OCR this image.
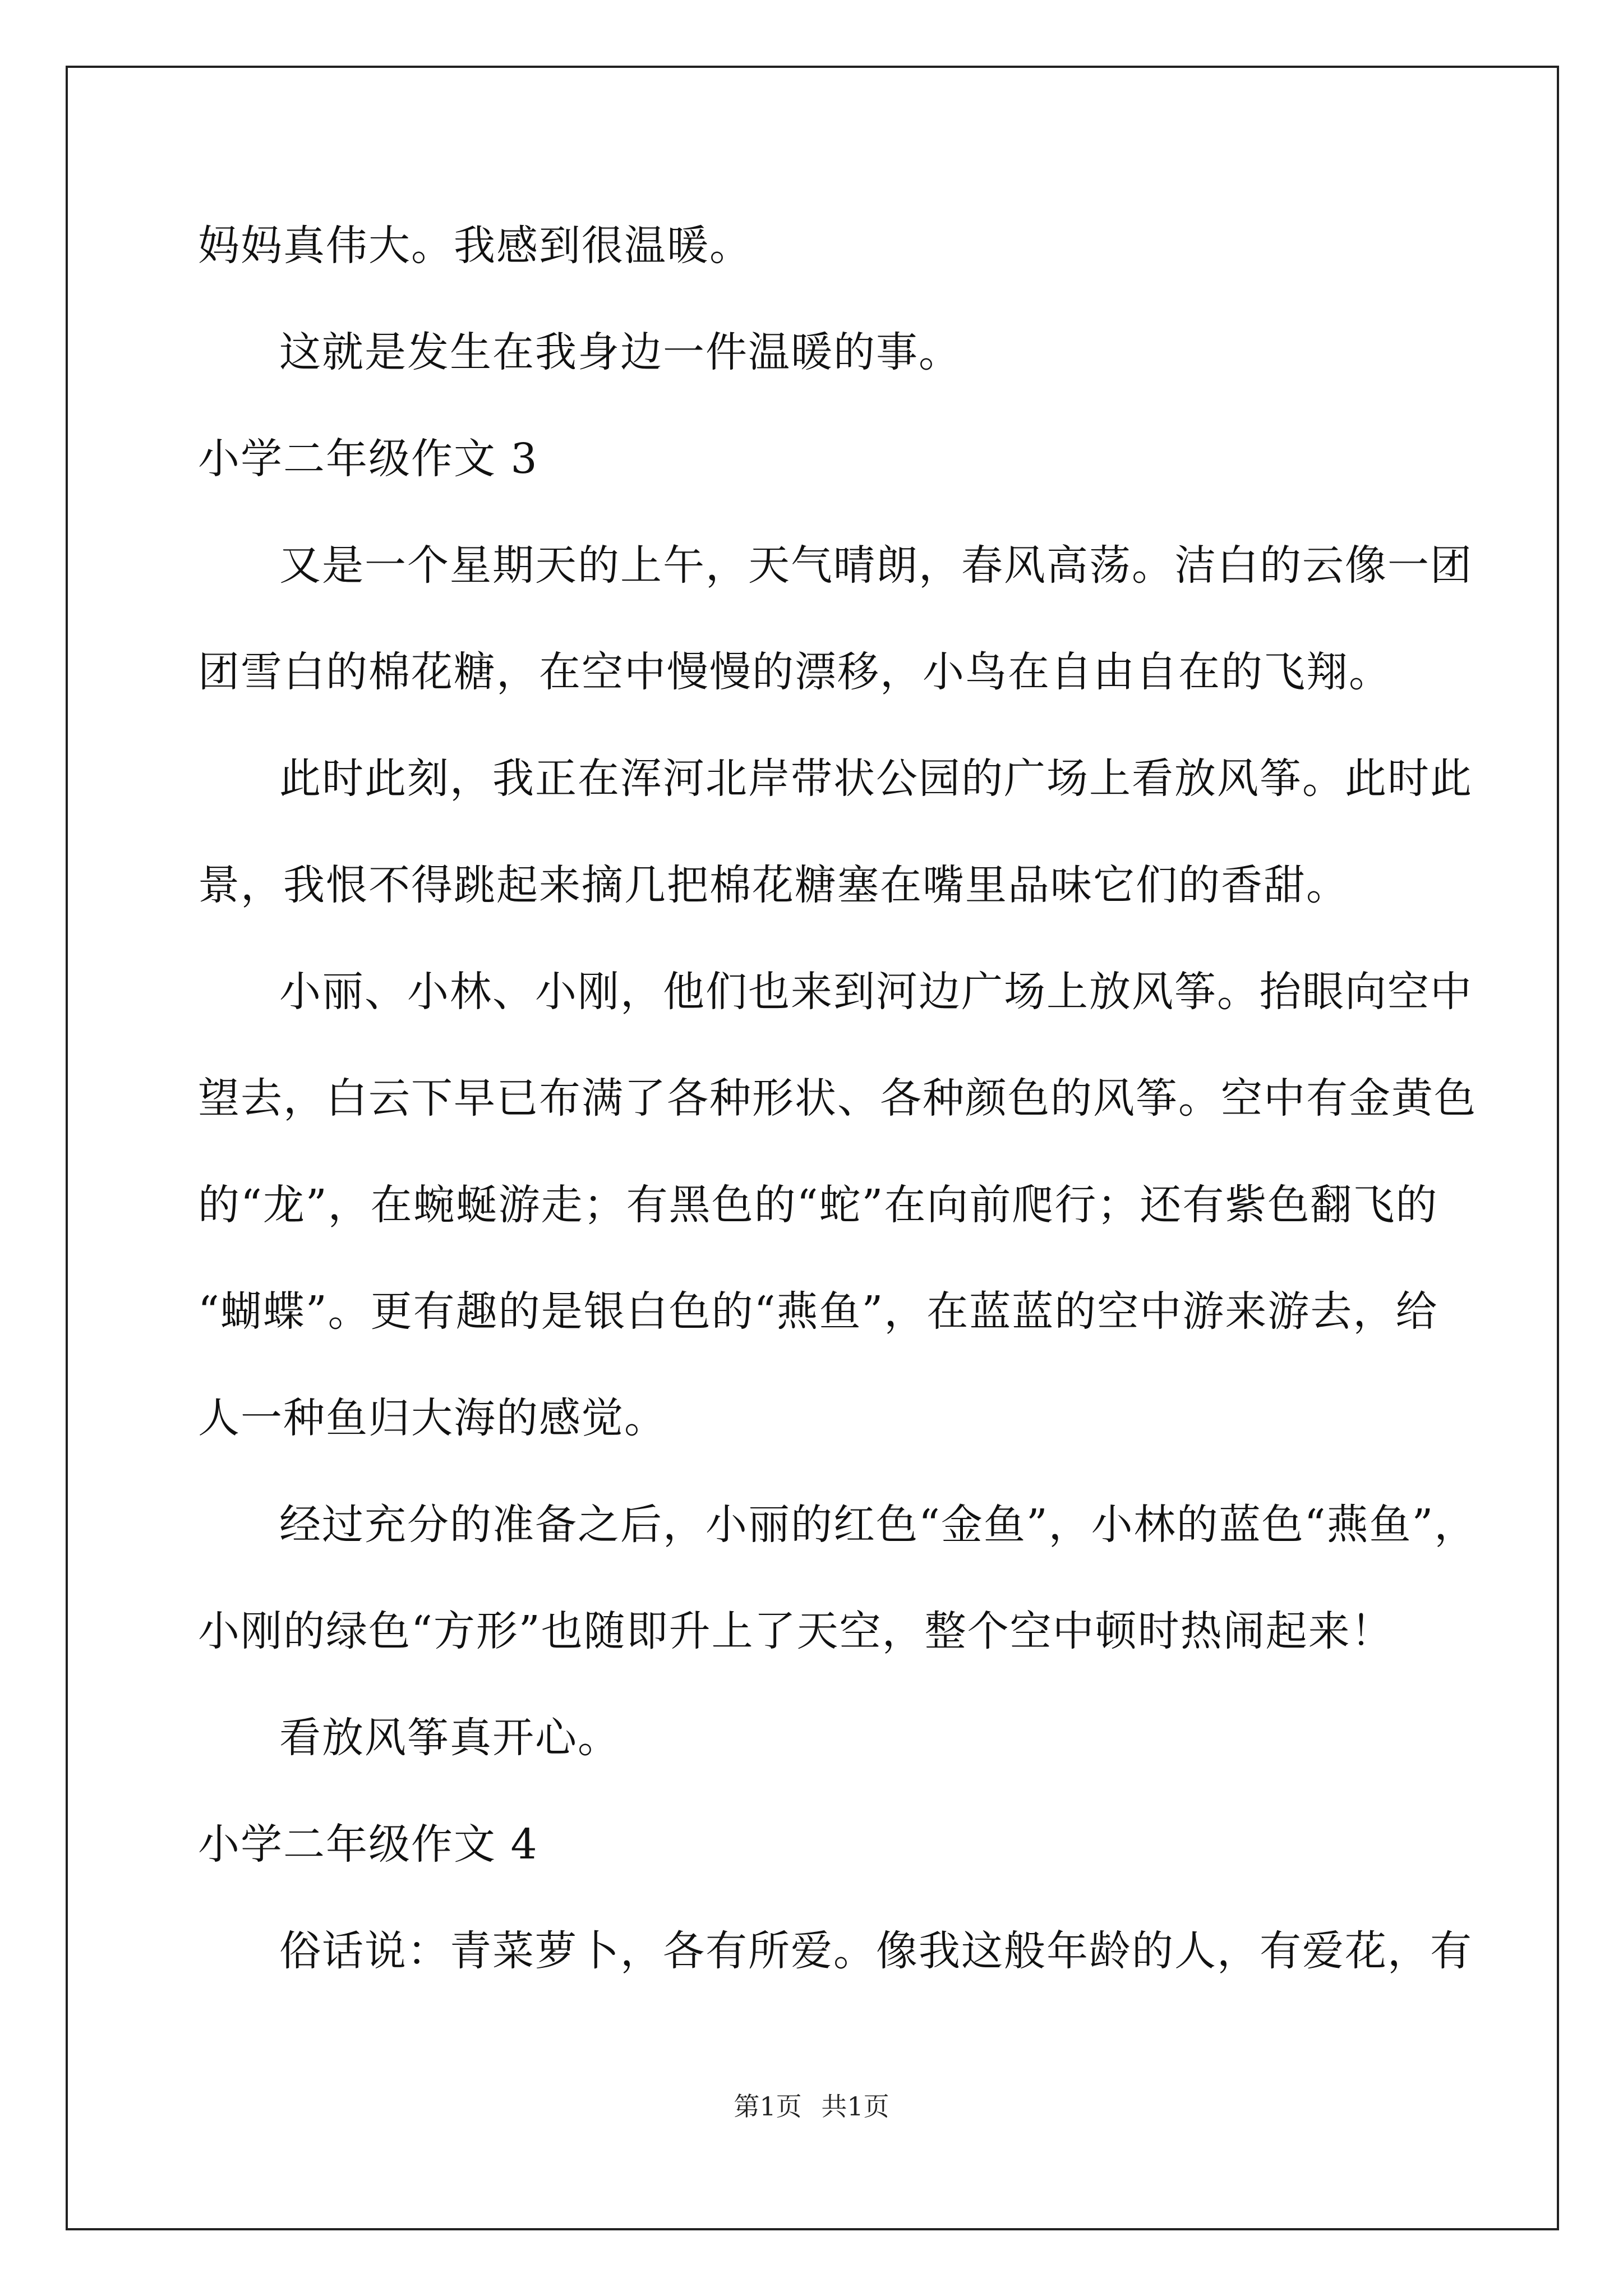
妈妈真伟大。我感到很温暖。

这就是发生在我身边一件温暖的事。

小学二年级作文 3

又是一个星期天的上午，天气晴朗，春风高荡。洁白的云像一团

团雪白的棉花糖，在空中慢慢的漂移，小鸟在自由自在的飞翔。

此时此刻，我正在浑河北岸带状公园的广场上看放风筝。此时此

景，我恨不得跳起来摘几把棉花糖塞在嘴里品味它们的香甜。

小丽、小林、小刚，他们也来到河边广场上放风筝。抬眼向空中

望去，白云下早已布满了各种形状、各种颜色的风筝。空中有金黄色

的“龙”，在蜿蜒游走；有黑色的“蛇”在向前爬行；还有紫色翻飞的

“蝴蝶”。更有趣的是银白色的“燕鱼”，在蓝蓝的空中游来游去，给

人一种鱼归大海的感觉。

经过充分的准备之后，小丽的红色“金鱼”，小林的蓝色“燕鱼”，

小刚的绿色“方形”也随即升上了天空，整个空中顿时热闹起来！

看放风筝真开心。

小学二年级作文 4

俗话说：青菜萝卜，各有所爱。像我这般年龄的人，有爱花，有

第1页 共1页
